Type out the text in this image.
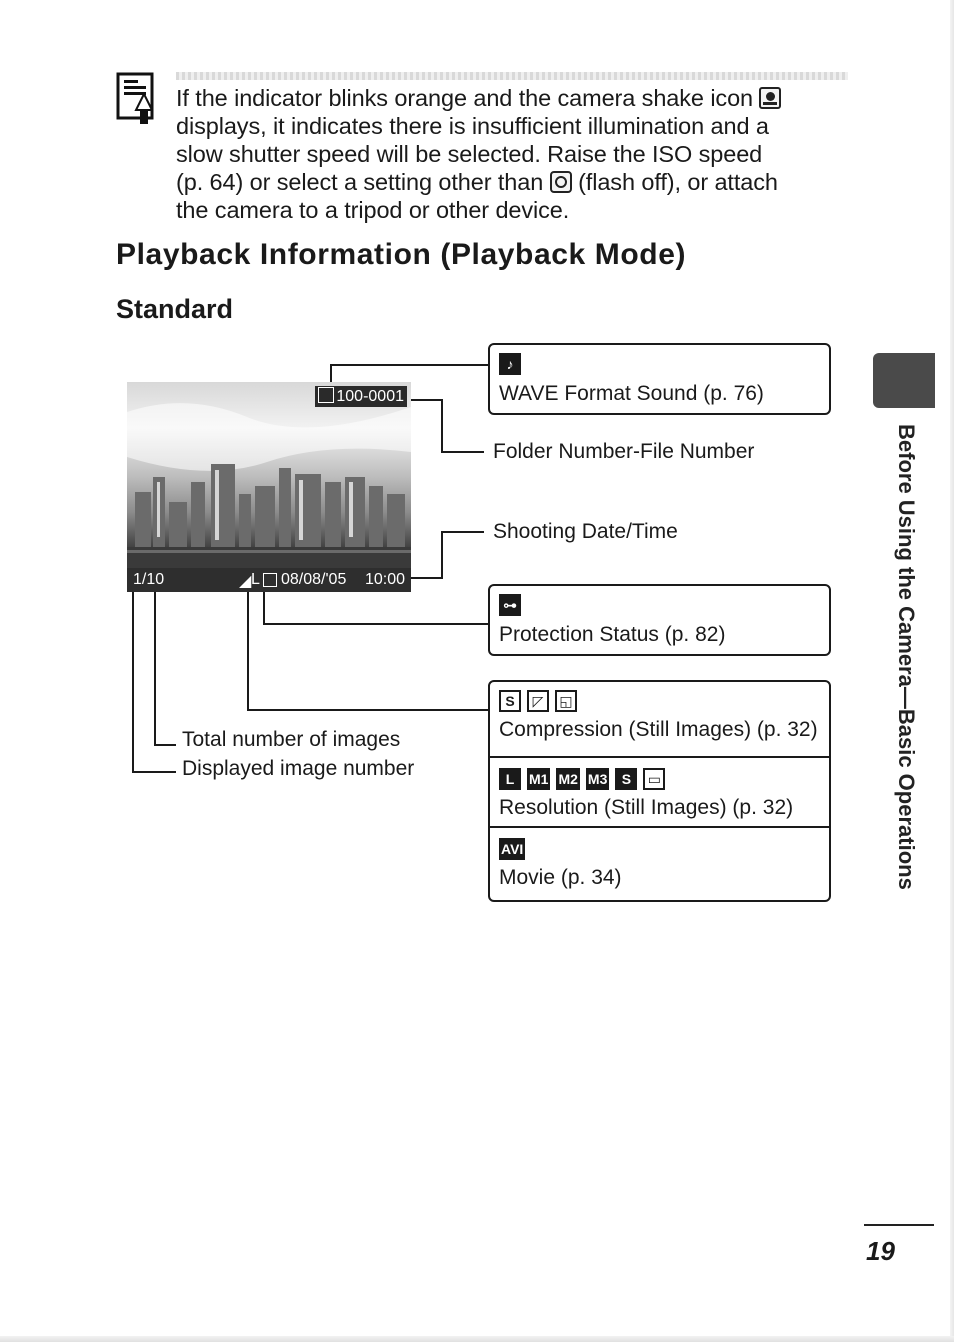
If the indicator blinks orange and the camera shake icon
displays, it indicates there is insufficient illumination and a
slow shutter speed will be selected. Raise the ISO speed
(p. 64) or select a setting other than (flash off), or attach
the camera to a tripod or other device.
Playback Information (Playback Mode)
Standard
100-0001
1/10	◢ L 08/08/'05 10:00
♪
WAVE Format Sound (p. 76)
Folder Number-File Number
Shooting Date/Time
⊶
Protection Status (p. 82)
S ◸ ◱
Compression (Still Images) (p. 32)
L M1 M2 M3 S ▭
Resolution (Still Images) (p. 32)
AVI
Movie (p. 34)
Total number of images
Displayed image number	Before Using the Camera—Basic Operations
19
